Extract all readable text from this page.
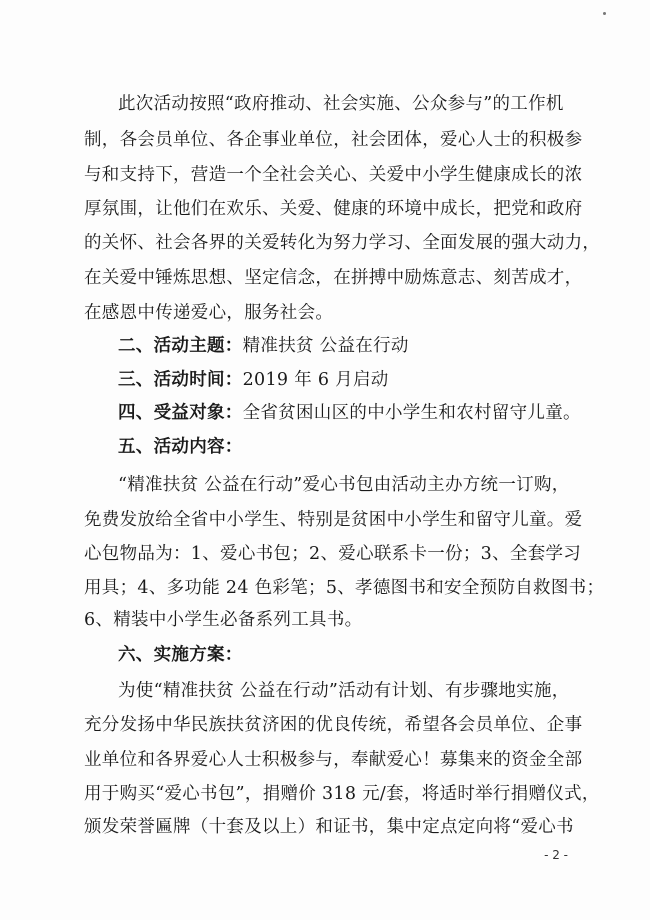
此次活动按照“政府推动、社会实施、公众参与”的工作机
制，各会员单位、各企事业单位，社会团体，爱心人士的积极参
与和支持下，营造一个全社会关心、关爱中小学生健康成长的浓
厚氛围，让他们在欢乐、关爱、健康的环境中成长，把党和政府
的关怀、社会各界的关爱转化为努力学习、全面发展的强大动力，
在关爱中锤炼思想、坚定信念，在拼搏中励炼意志、刻苦成才，
在感恩中传递爱心，服务社会。
二、活动主题：精准扶贫 公益在行动
三、活动时间：2019 年 6 月启动
四、受益对象：全省贫困山区的中小学生和农村留守儿童。
五、活动内容：
“精准扶贫 公益在行动”爱心书包由活动主办方统一订购，
免费发放给全省中小学生、特别是贫困中小学生和留守儿童。爱
心包物品为：1、爱心书包；2、爱心联系卡一份；3、全套学习
用具；4、多功能 24 色彩笔；5、孝德图书和安全预防自救图书；
6、精装中小学生必备系列工具书。
六、实施方案：
为使“精准扶贫 公益在行动”活动有计划、有步骤地实施，
充分发扬中华民族扶贫济困的优良传统，希望各会员单位、企事
业单位和各界爱心人士积极参与，奉献爱心！募集来的资金全部
用于购买“爱心书包”，捐赠价 318 元/套，将适时举行捐赠仪式，
颁发荣誉匾牌（十套及以上）和证书，集中定点定向将“爱心书
- 2 -
